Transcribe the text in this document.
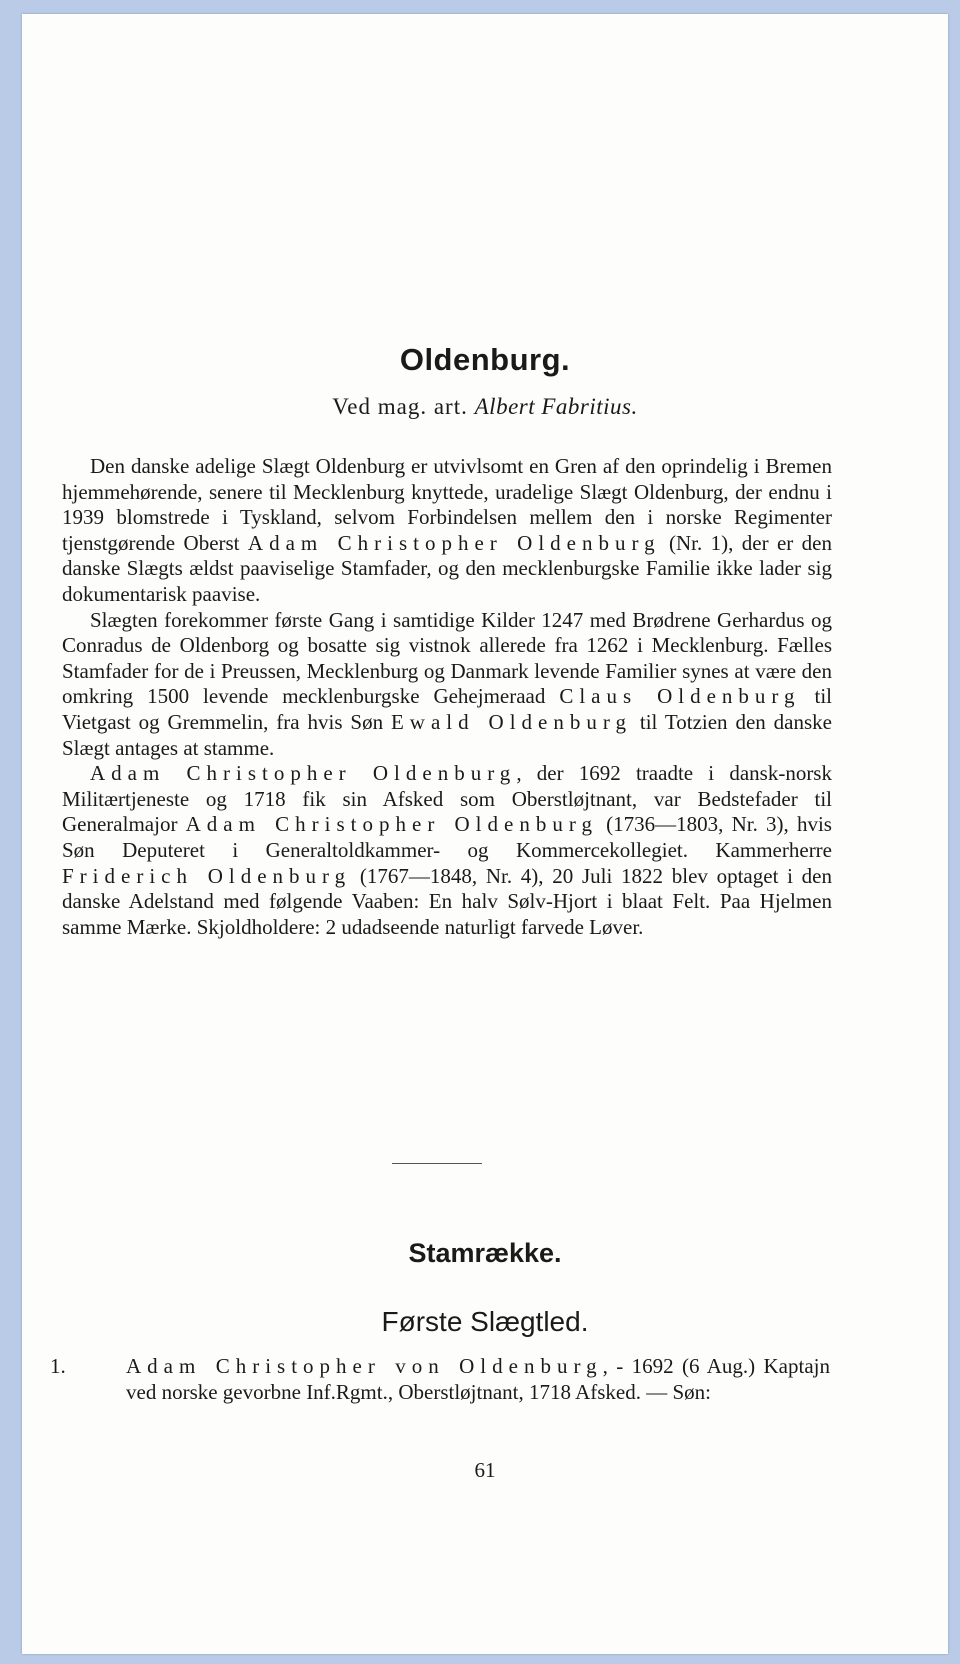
Oldenburg.
Ved mag. art. Albert Fabritius.

Den danske adelige Slægt Oldenburg er utvivlsomt en Gren af den oprindelig i Bremen hjemmehørende, senere til Mecklenburg knyttede, uradelige Slægt Oldenburg, der endnu i 1939 blomstrede i Tyskland, selvom Forbindelsen mellem den i norske Regimenter tjenstgørende Oberst Adam Christopher Oldenburg (Nr. 1), der er den danske Slægts ældst paaviselige Stamfader, og den mecklenburgske Familie ikke lader sig dokumentarisk paavise.

Slægten forekommer første Gang i samtidige Kilder 1247 med Brødrene Gerhardus og Conradus de Oldenborg og bosatte sig vistnok allerede fra 1262 i Mecklenburg. Fælles Stamfader for de i Preussen, Mecklenburg og Danmark levende Familier synes at være den omkring 1500 levende mecklenburgske Gehejmeraad Claus Oldenburg til Vietgast og Gremmelin, fra hvis Søn Ewald Oldenburg til Totzien den danske Slægt antages at stamme.

Adam Christopher Oldenburg, der 1692 traadte i dansk-norsk Militærtjeneste og 1718 fik sin Afsked som Oberstløjtnant, var Bedstefader til Generalmajor Adam Christopher Oldenburg (1736—1803, Nr. 3), hvis Søn Deputeret i Generaltoldkammer- og Kommercekollegiet. Kammerherre Friderich Oldenburg (1767—1848, Nr. 4), 20 Juli 1822 blev optaget i den danske Adelstand med følgende Vaaben: En halv Sølv-Hjort i blaat Felt. Paa Hjelmen samme Mærke. Skjoldholdere: 2 udadseende naturligt farvede Løver.

Stamrække.
Første Slægtled.
1.	Adam Christopher von Oldenburg, - 1692 (6 Aug.) Kaptajn ved norske gevorbne Inf.Rgmt., Oberstløjtnant, 1718 Afsked. — Søn:
61
